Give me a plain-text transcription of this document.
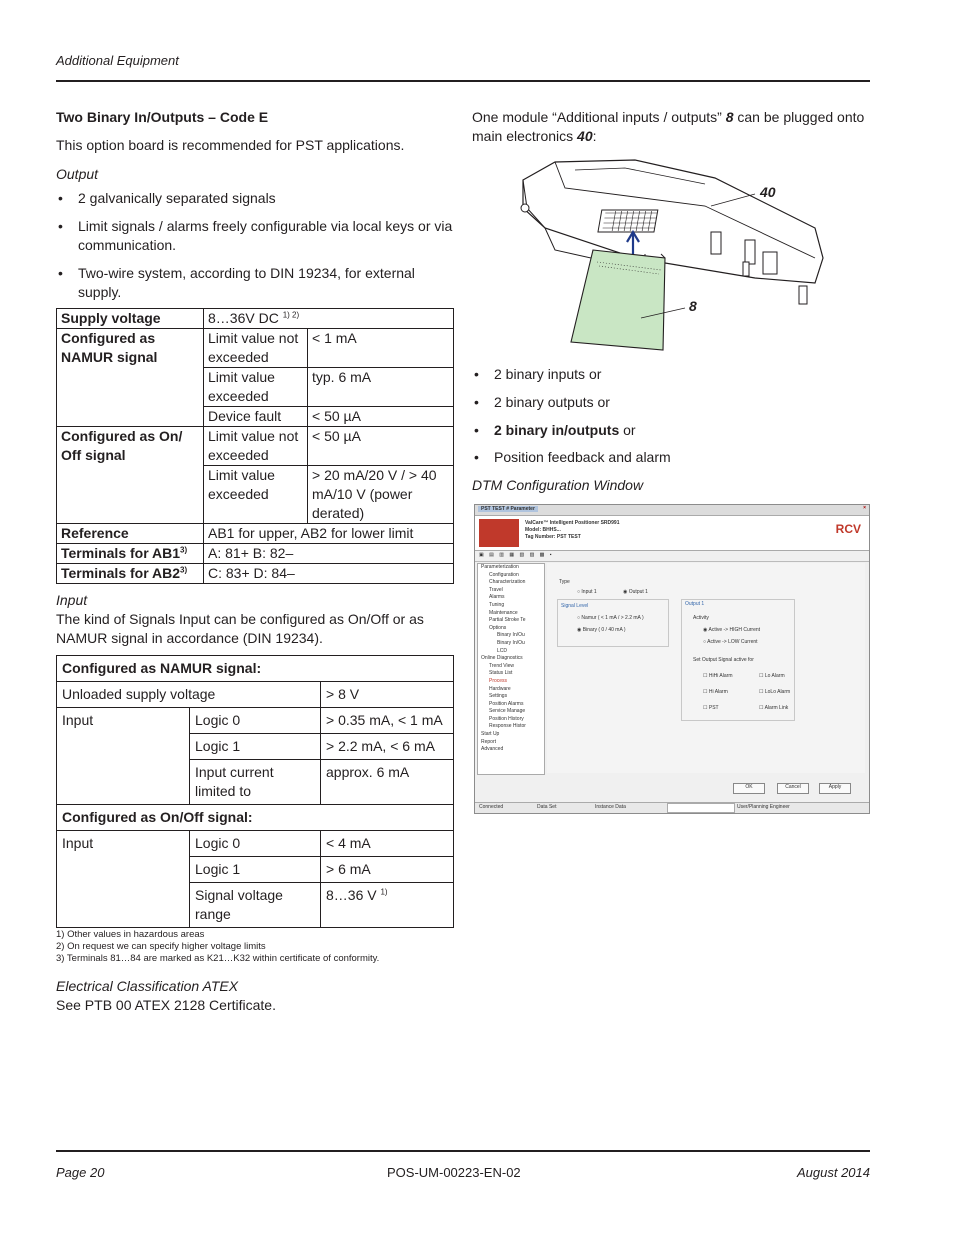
Additional Equipment

Two Binary In/Outputs – Code E

This option board is recommended for PST applications.

Output

• 2 galvanically separated signals
• Limit signals / alarms freely configurable via local keys or via communication.
• Two-wire system, according to DIN 19234, for external supply.
Supply voltage	8…36V DC $^{1) 2)}$
Configured as NAMUR signal	Limit value not exceeded	< 1 mA
	Limit value exceeded	typ. 6 mA
	Device fault	< 50 µA
Configured as On/ Off signal	Limit value not exceeded	< 50 µA
	Limit value exceeded	> 20 mA/20 V / > 40 mA/10 V (power derated)
Reference	AB1 for upper, AB2 for lower limit	
Terminals for AB1$^{3)}$	A: 81+ B: 82–	
Terminals for AB2$^{3)}$	C: 83+ D: 84–	

Input

The kind of Signals Input can be configured as On/Off or as NAMUR signal in accordance (DIN 19234).

Configured as NAMUR signal:		
Unloaded supply voltage		> 8 V
Input	Logic 0	> 0.35 mA, < 1 mA
	Logic 1	> 2.2 mA, < 6 mA
	Input current limited to	approx. 6 mA
Configured as On/Off signal:		
Input	Logic 0	< 4 mA
	Logic 1	> 6 mA
	Signal voltage range	8…36 V $^{1)}$
1) Other values in hazardous areas
2) On request we can specify higher voltage limits
3) Terminals 81…84 are marked as K21…K32 within certificate of conformity.

Electrical Classification ATEX

See PTB 00 ATEX 2128 Certificate.

One module “Additional inputs / outputs” 8 can be plugged onto main electronics 40:

40
8
• 2 binary inputs or
• 2 binary outputs or
• 2 binary in/outputs or
• Position feedback and alarm

DTM Configuration Window

PST TEST # Parameter	×
ValCare™ Intelligent Positioner SRD991
Model: BHHS...
Tag Number: PST TEST
RCV
▣ ▤ ▥ ▦ ▧ ▨ ▩ ▪
Parameterization
Configuration
Characterization
Travel
Alarms
Tuning
Maintenance
Partial Stroke Te
Options
Binary In/Ou
Binary In/Ou
LCD
Online Diagnostics
Trend View
Status List
Process
Hardware
Settings
Position Alarms
Service Manage
Position History
Response Histor
Start Up
Report
Advanced
Type
○ Input 1	◉ Output 1
Signal Level
○ Namur ( < 1 mA / > 2.2 mA )
◉ Binary ( 0 / 40 mA )
Output 1
Activity
◉ Active -> HIGH Current
○ Active -> LOW Current
Set Output Signal active for
☐ HiHi Alarm	☐ Lo Alarm
☐ Hi Alarm	☐ LoLo Alarm
☐ PST	☐ Alarm Link
OK	Cancel	Apply
Connected	Data Set	Instance Data	User/Planning Engineer
Page 20	POS-UM-00223-EN-02	August 2014
